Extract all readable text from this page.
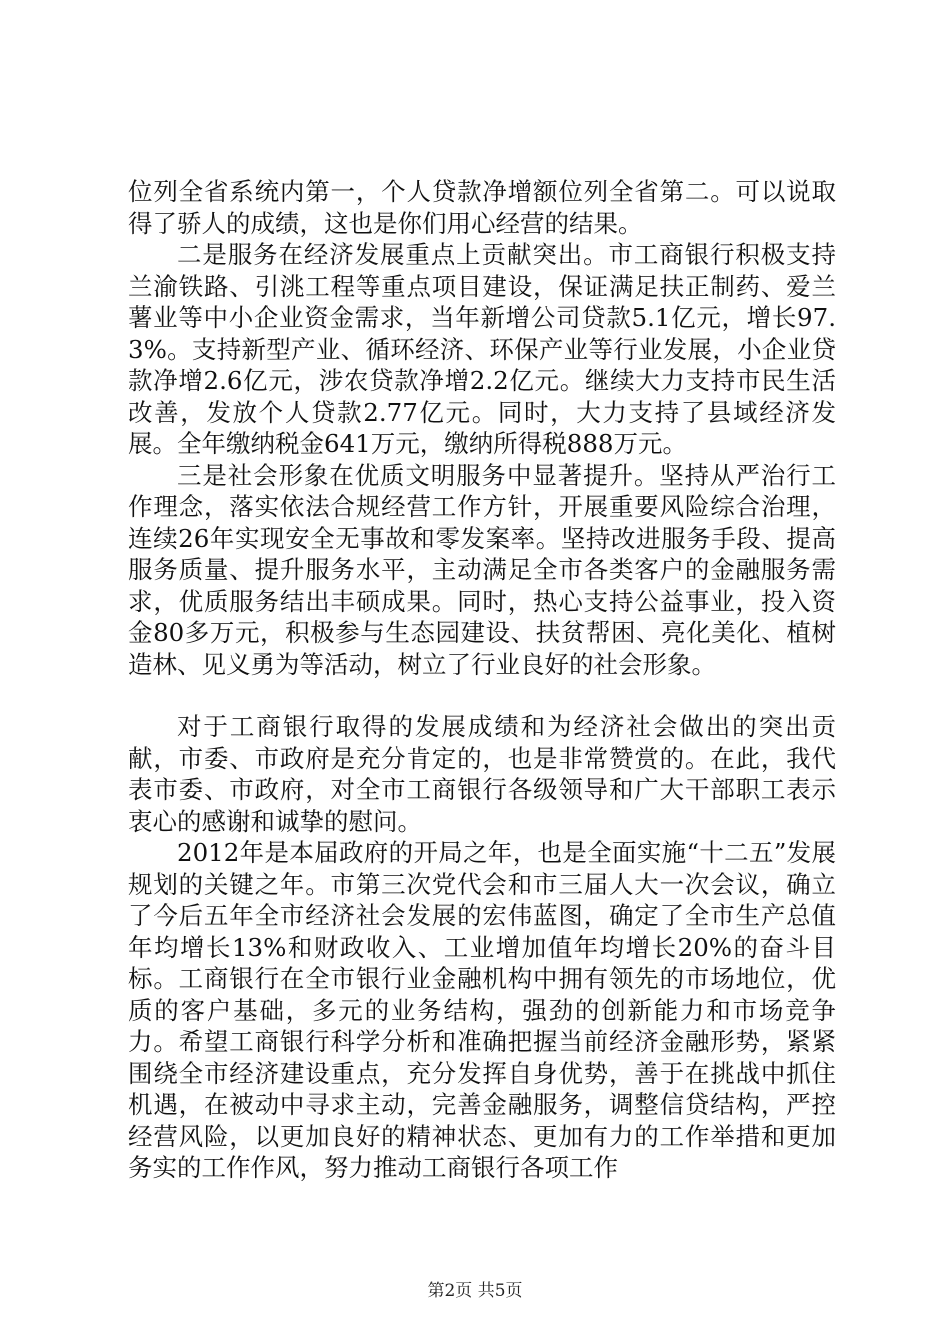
位列全省系统内第一，个人贷款净增额位列全省第二。可以说取得了骄人的成绩，这也是你们用心经营的结果。

二是服务在经济发展重点上贡献突出。市工商银行积极支持兰渝铁路、引洮工程等重点项目建设，保证满足扶正制药、爱兰薯业等中小企业资金需求，当年新增公司贷款5.1亿元，增长97.3%。支持新型产业、循环经济、环保产业等行业发展，小企业贷款净增2.6亿元，涉农贷款净增2.2亿元。继续大力支持市民生活改善，发放个人贷款2.77亿元。同时，大力支持了县域经济发展。全年缴纳税金641万元，缴纳所得税888万元。

三是社会形象在优质文明服务中显著提升。坚持从严治行工作理念，落实依法合规经营工作方针，开展重要风险综合治理，连续26年实现安全无事故和零发案率。坚持改进服务手段、提高服务质量、提升服务水平，主动满足全市各类客户的金融服务需求，优质服务结出丰硕成果。同时，热心支持公益事业，投入资金80多万元，积极参与生态园建设、扶贫帮困、亮化美化、植树造林、见义勇为等活动，树立了行业良好的社会形象。

对于工商银行取得的发展成绩和为经济社会做出的突出贡献，市委、市政府是充分肯定的，也是非常赞赏的。在此，我代表市委、市政府，对全市工商银行各级领导和广大干部职工表示衷心的感谢和诚挚的慰问。

2012年是本届政府的开局之年，也是全面实施“十二五”发展规划的关键之年。市第三次党代会和市三届人大一次会议，确立了今后五年全市经济社会发展的宏伟蓝图，确定了全市生产总值年均增长13%和财政收入、工业增加值年均增长20%的奋斗目标。工商银行在全市银行业金融机构中拥有领先的市场地位，优质的客户基础，多元的业务结构，强劲的创新能力和市场竞争力。希望工商银行科学分析和准确把握当前经济金融形势，紧紧围绕全市经济建设重点，充分发挥自身优势，善于在挑战中抓住机遇，在被动中寻求主动，完善金融服务，调整信贷结构，严控经营风险，以更加良好的精神状态、更加有力的工作举措和更加务实的工作作风，努力推动工商银行各项工作

第2页 共5页
